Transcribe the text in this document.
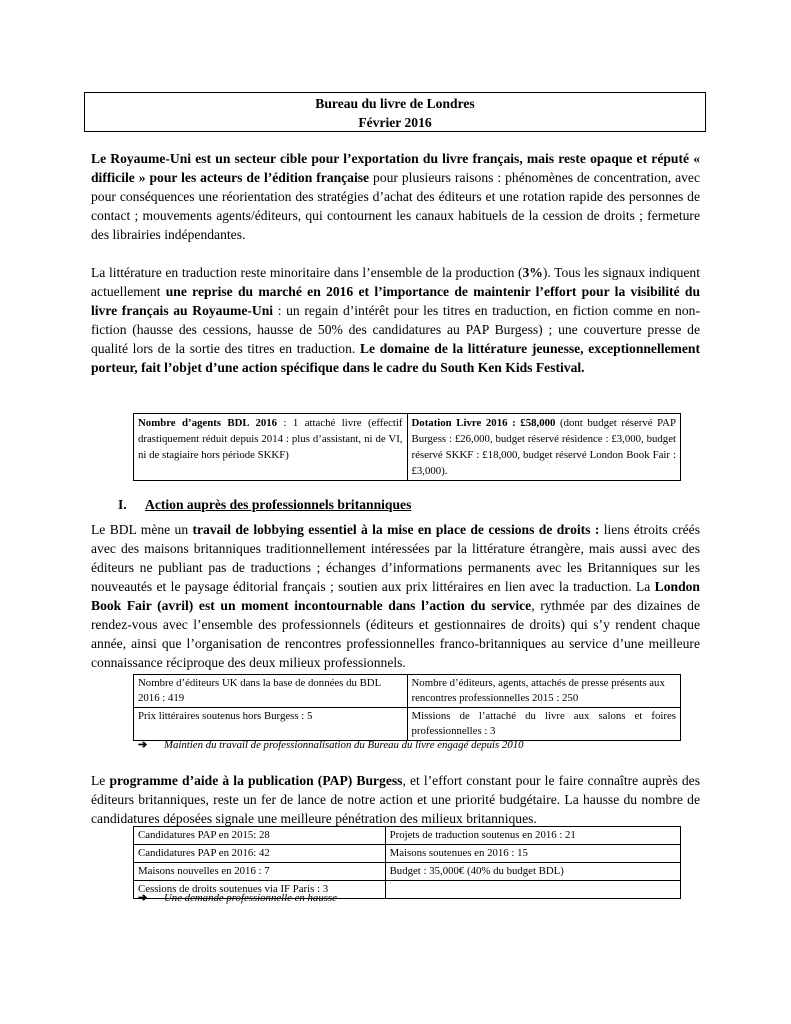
Bureau du livre de Londres
Février 2016
Le Royaume-Uni est un secteur cible pour l’exportation du livre français, mais reste opaque et réputé « difficile » pour les acteurs de l’édition française pour plusieurs raisons : phénomènes de concentration, avec pour conséquences une réorientation des stratégies d’achat des éditeurs et une rotation rapide des personnes de contact ; mouvements agents/éditeurs, qui contournent les canaux habituels de la cession de droits ; fermeture des librairies indépendantes.
La littérature en traduction reste minoritaire dans l’ensemble de la production (3%). Tous les signaux indiquent actuellement une reprise du marché en 2016 et l’importance de maintenir l’effort pour la visibilité du livre français au Royaume-Uni : un regain d’intérêt pour les titres en traduction, en fiction comme en non-fiction (hausse des cessions, hausse de 50% des candidatures au PAP Burgess) ; une couverture presse de qualité lors de la sortie des titres en traduction. Le domaine de la littérature jeunesse, exceptionnellement porteur, fait l’objet d’une action spécifique dans le cadre du South Ken Kids Festival.
Nombre d’agents BDL 2016 : 1 attaché livre (effectif drastiquement réduit depuis 2014 : plus d’assistant, ni de VI, ni de stagiaire hors période SKKF)	Dotation Livre 2016 : £58,000 (dont budget réservé PAP Burgess : £26,000, budget réservé résidence : £3,000, budget réservé SKKF : £18,000, budget réservé London Book Fair : £3,000).
I. Action auprès des professionnels britanniques
Le BDL mène un travail de lobbying essentiel à la mise en place de cessions de droits : liens étroits créés avec des maisons britanniques traditionnellement intéressées par la littérature étrangère, mais aussi avec des éditeurs ne publiant pas de traductions ; échanges d’informations permanents avec les Britanniques sur les nouveautés et le paysage éditorial français ; soutien aux prix littéraires en lien avec la traduction. La London Book Fair (avril) est un moment incontournable dans l’action du service, rythmée par des dizaines de rendez-vous avec l’ensemble des professionnels (éditeurs et gestionnaires de droits) qui s’y rendent chaque année, ainsi que l’organisation de rencontres professionnelles franco-britanniques au service d’une meilleure connaissance réciproque des deux milieux professionnels.
Nombre d’éditeurs UK dans la base de données du BDL 2016 : 419	Nombre d’éditeurs, agents, attachés de presse présents aux rencontres professionnelles 2015 : 250
Prix littéraires soutenus hors Burgess : 5	Missions de l’attaché du livre aux salons et foires professionnelles : 3
➔ Maintien du travail de professionnalisation du Bureau du livre engagé depuis 2010
Le programme d’aide à la publication (PAP) Burgess, et l’effort constant pour le faire connaître auprès des éditeurs britanniques, reste un fer de lance de notre action et une priorité budgétaire. La hausse du nombre de candidatures déposées signale une meilleure pénétration des milieux britanniques.
Candidatures PAP en 2015: 28	Projets de traduction soutenus en 2016 : 21
Candidatures PAP en 2016: 42	Maisons soutenues en 2016 : 15
Maisons nouvelles en 2016 : 7	Budget : 35,000€ (40% du budget BDL)
Cessions de droits soutenues via IF Paris : 3	
➔ Une demande professionnelle en hausse
